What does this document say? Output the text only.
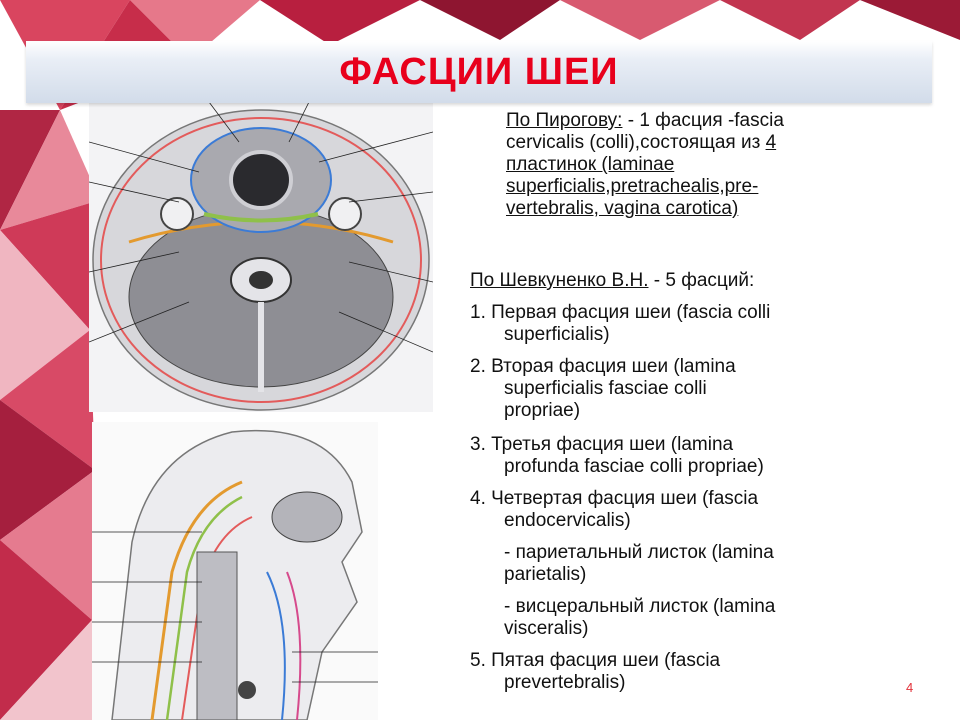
ФАСЦИИ ШЕИ
По Пирогову: - 1 фасция -fascia
cervicalis (colli),состоящая из 4
пластинок (laminae
superficialis,pretrachealis,pre-
vertebralis, vagina carotica)
По Шевкуненко В.Н. - 5 фасций:
1. Первая фасция шеи (fascia colli
superficialis)
2. Вторая фасция шеи (lamina
superficialis fasciae colli
propriae)
3. Третья фасция шеи (lamina
profunda fasciae colli propriae)
4. Четвертая фасция шеи (fascia
endocervicalis)
- париетальный листок (lamina
parietalis)
- висцеральный листок (lamina
visceralis)
5. Пятая фасция шеи (fascia
prevertebralis)	4
